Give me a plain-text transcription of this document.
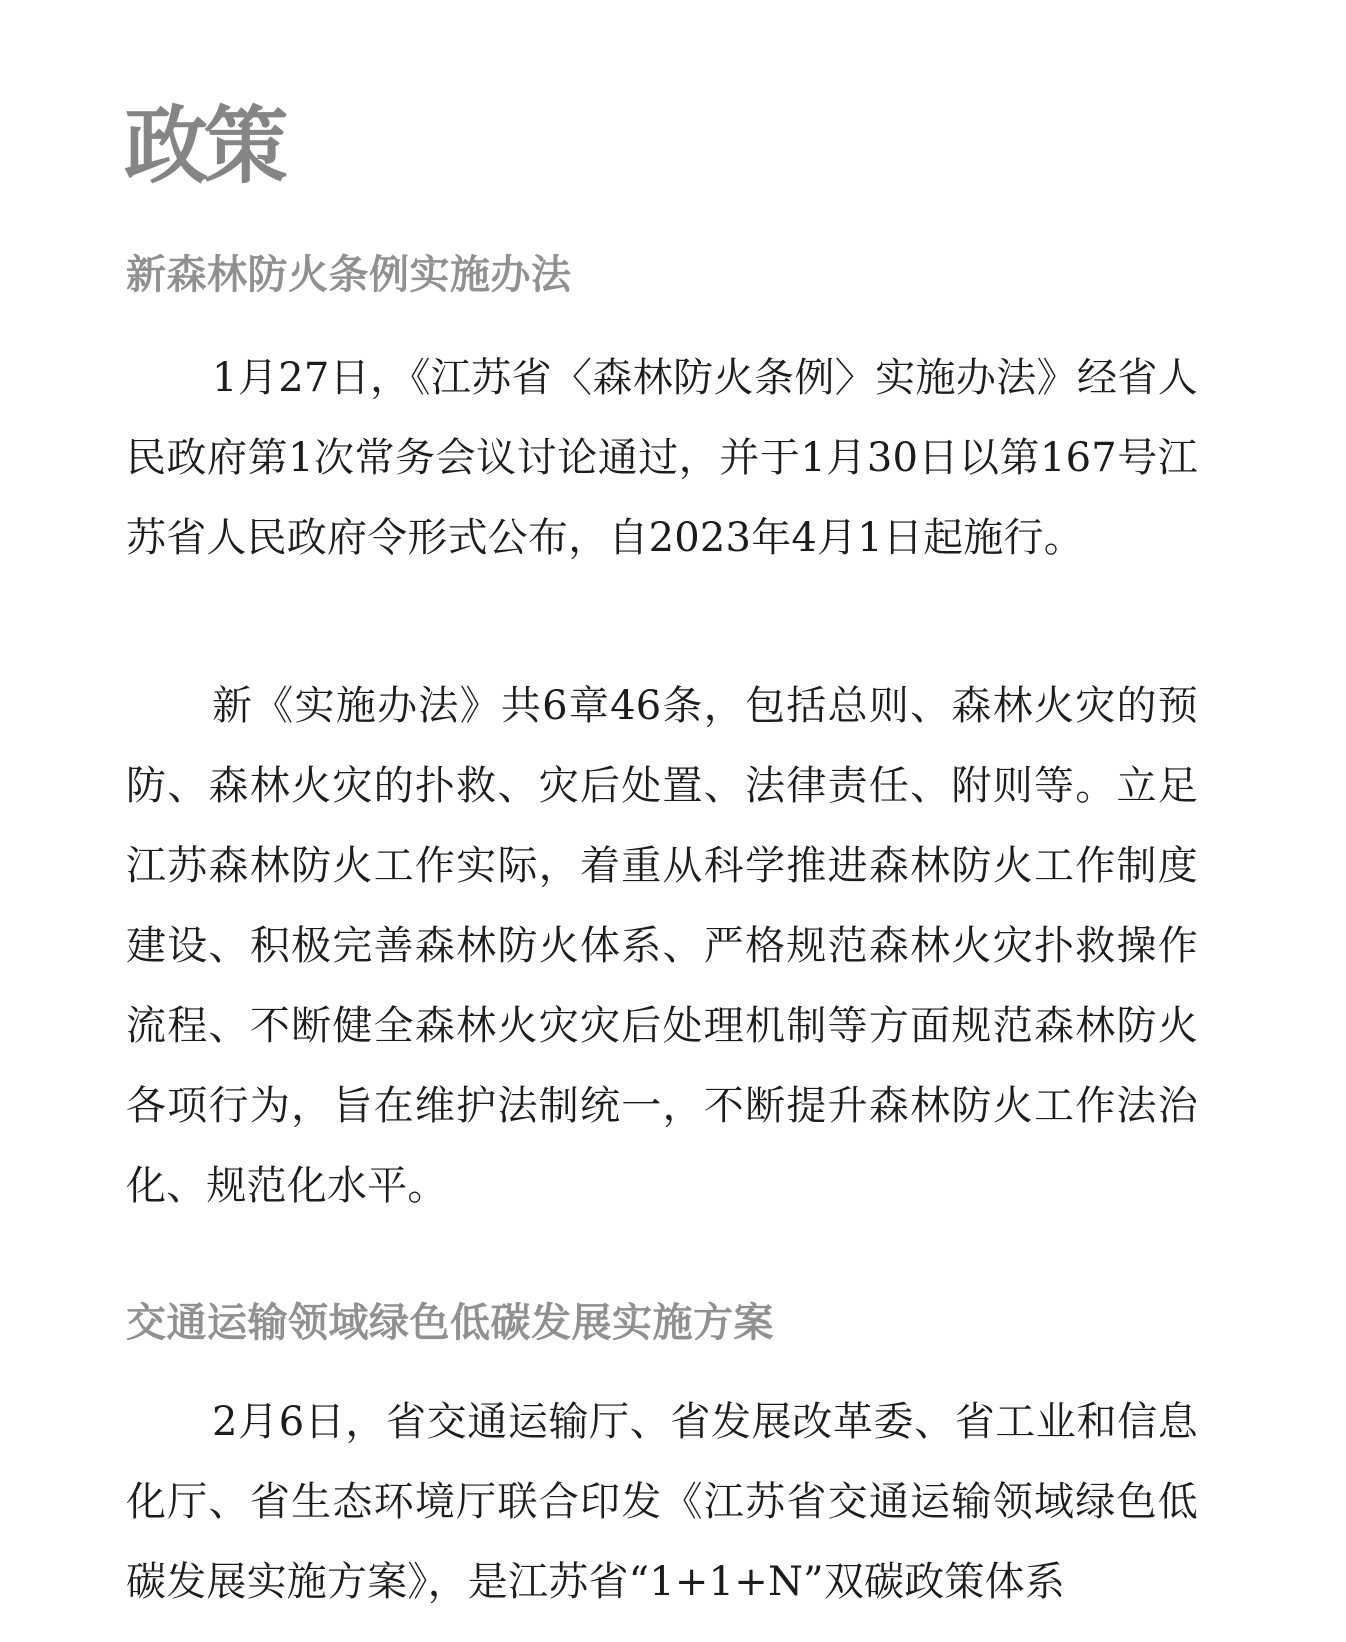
政策
新森林防火条例实施办法

1月27日，《江苏省〈森林防火条例〉实施办法》经省人民政府第1次常务会议讨论通过，并于1月30日以第167号江苏省人民政府令形式公布，自2023年4月1日起施行。

新《实施办法》共6章46条，包括总则、森林火灾的预防、森林火灾的扑救、灾后处置、法律责任、附则等。立足江苏森林防火工作实际，着重从科学推进森林防火工作制度建设、积极完善森林防火体系、严格规范森林火灾扑救操作流程、不断健全森林火灾灾后处理机制等方面规范森林防火各项行为，旨在维护法制统一，不断提升森林防火工作法治化、规范化水平。

交通运输领域绿色低碳发展实施方案

2月6日，省交通运输厅、省发展改革委、省工业和信息化厅、省生态环境厅联合印发《江苏省交通运输领域绿色低碳发展实施方案》，是江苏省“1+1+N”双碳政策体系
